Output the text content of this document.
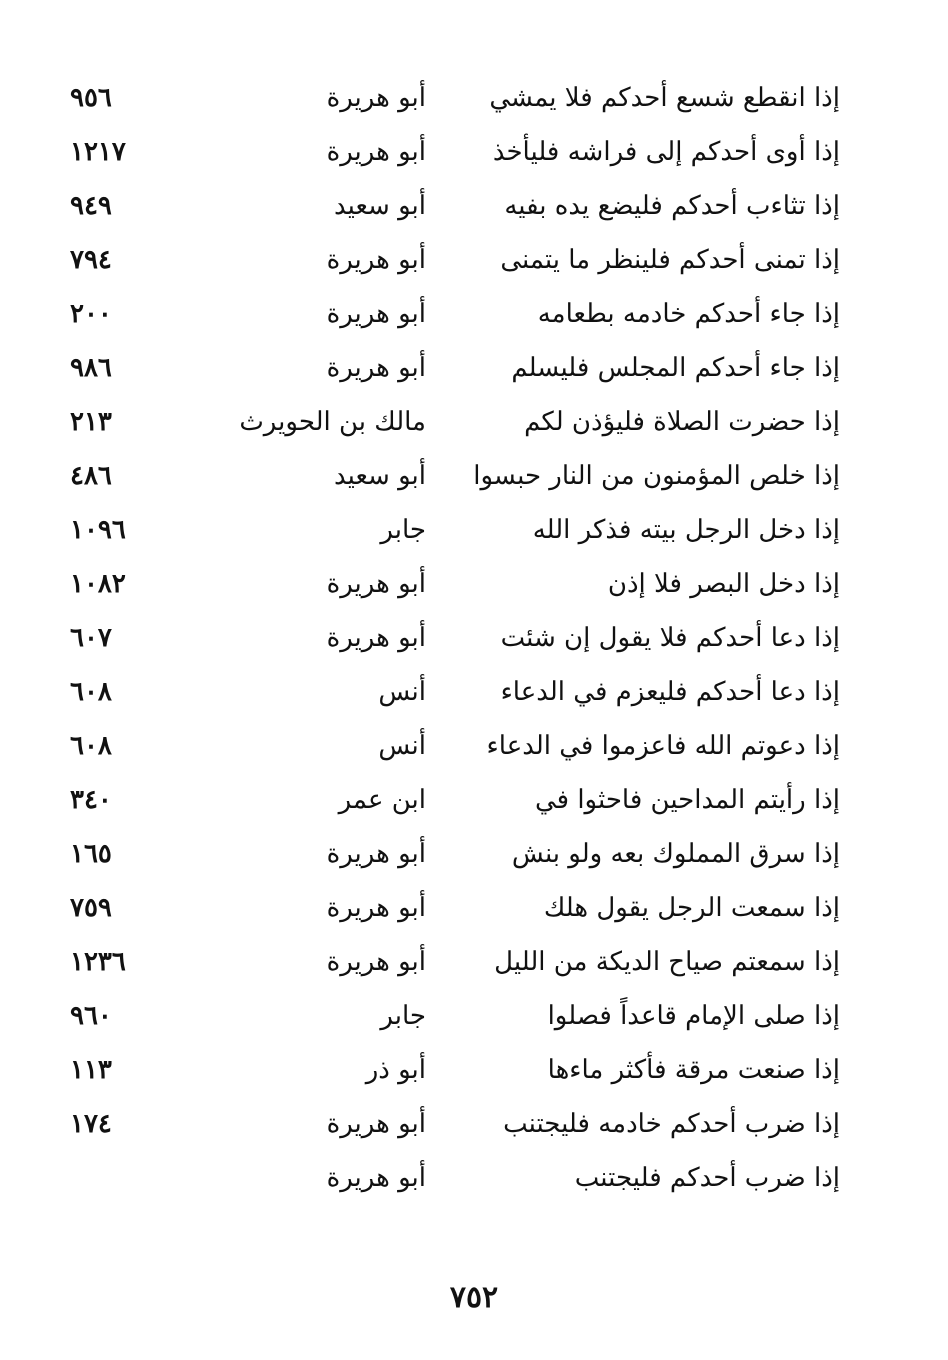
إذا انقطع شسع أحدكم فلا يمشي
أبو هريرة
٩٥٦
إذا أوى أحدكم إلى فراشه فليأخذ
أبو هريرة
١٢١٧
إذا تثاءب أحدكم فليضع يده بفيه
أبو سعيد
٩٤٩
إذا تمنى أحدكم فلينظر ما يتمنى
أبو هريرة
٧٩٤
إذا جاء أحدكم خادمه بطعامه
أبو هريرة
٢٠٠
إذا جاء أحدكم المجلس فليسلم
أبو هريرة
٩٨٦
إذا حضرت الصلاة فليؤذن لكم
مالك بن الحويرث
٢١٣
إذا خلص المؤمنون من النار حبسوا
أبو سعيد
٤٨٦
إذا دخل الرجل بيته فذكر الله
جابر
١٠٩٦
إذا دخل البصر فلا إذن
أبو هريرة
١٠٨٢
إذا دعا أحدكم فلا يقول إن شئت
أبو هريرة
٦٠٧
إذا دعا أحدكم فليعزم في الدعاء
أنس
٦٠٨
إذا دعوتم الله فاعزموا في الدعاء
أنس
٦٠٨
إذا رأيتم المداحين فاحثوا في
ابن عمر
٣٤٠
إذا سرق المملوك بعه ولو بنش
أبو هريرة
١٦٥
إذا سمعت الرجل يقول هلك
أبو هريرة
٧٥٩
إذا سمعتم صياح الديكة من الليل
أبو هريرة
١٢٣٦
إذا صلى الإمام قاعداً فصلوا
جابر
٩٦٠
إذا صنعت مرقة فأكثر ماءها
أبو ذر
١١٣
إذا ضرب أحدكم خادمه فليجتنب
أبو هريرة
١٧٤
إذا ضرب أحدكم فليجتنب
أبو هريرة
٧٥٢
